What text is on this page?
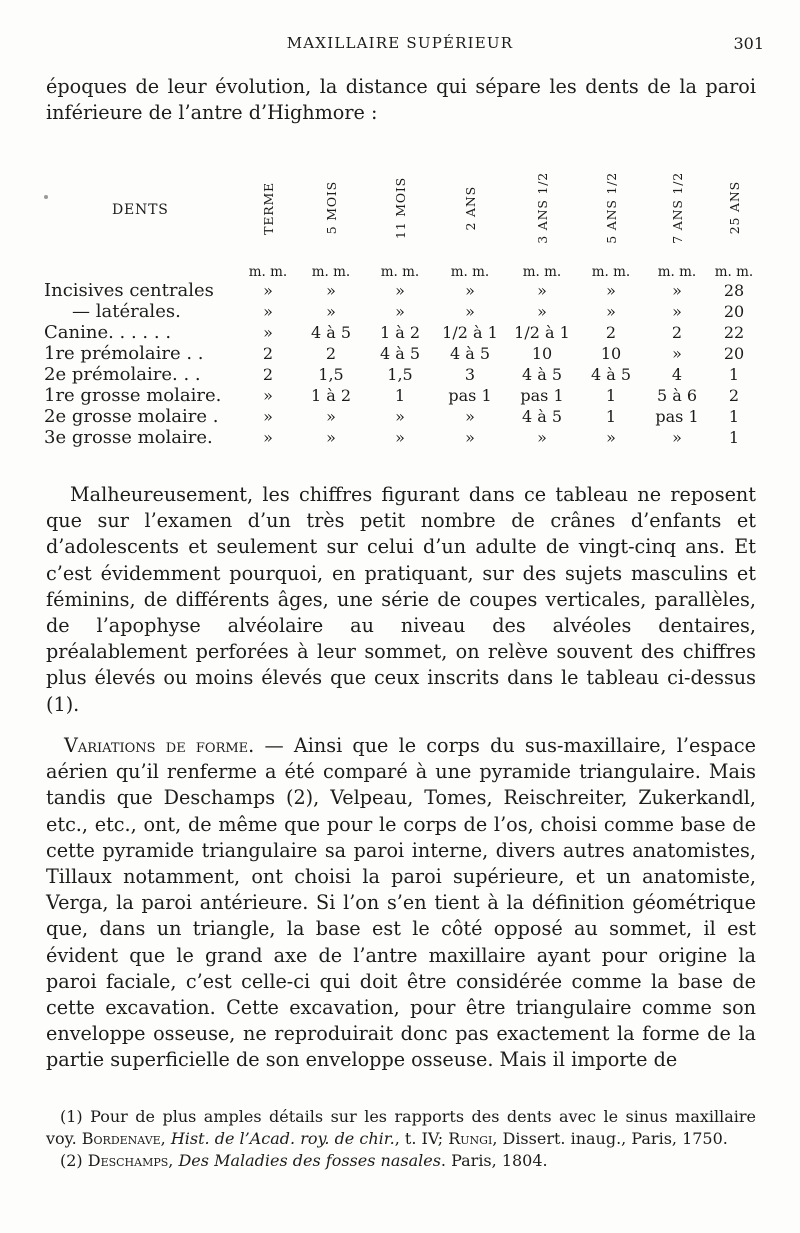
MAXILLAIRE SUPÉRIEUR	301

époques de leur évolution, la distance qui sépare les dents de la paroi inférieure de l’antre d’Highmore :

DENTS	TERME	5 MOIS	11 MOIS	2 ANS	3 ANS 1/2	5 ANS 1/2	7 ANS 1/2	25 ANS
	m. m.	m. m.	m. m.	m. m.	m. m.	m. m.	m. m.	m. m.
Incisives centrales	»	»	»	»	»	»	»	28
— latérales.	»	»	»	»	»	»	»	20
Canine. . . . . .	»	4 à 5	1 à 2	1/2 à 1	1/2 à 1	2	2	22
1re prémolaire . .	2	2	4 à 5	4 à 5	10	10	»	20
2e prémolaire. . .	2	1,5	1,5	3	4 à 5	4 à 5	4	1
1re grosse molaire.	»	1 à 2	1	pas 1	pas 1	1	5 à 6	2
2e grosse molaire .	»	»	»	»	4 à 5	1	pas 1	1
3e grosse molaire.	»	»	»	»	»	»	»	1

Malheureusement, les chiffres figurant dans ce tableau ne reposent que sur l’examen d’un très petit nombre de crânes d’enfants et d’adolescents et seulement sur celui d’un adulte de vingt-cinq ans. Et c’est évidemment pourquoi, en pratiquant, sur des sujets masculins et féminins, de différents âges, une série de coupes verticales, parallèles, de l’apophyse alvéolaire au niveau des alvéoles dentaires, préalablement perforées à leur sommet, on relève souvent des chiffres plus élevés ou moins élevés que ceux inscrits dans le tableau ci-dessus (1).

Variations de forme. — Ainsi que le corps du sus-maxillaire, l’espace aérien qu’il renferme a été comparé à une pyramide triangulaire. Mais tandis que Deschamps (2), Velpeau, Tomes, Reischreiter, Zukerkandl, etc., etc., ont, de même que pour le corps de l’os, choisi comme base de cette pyramide triangulaire sa paroi interne, divers autres anatomistes, Tillaux notamment, ont choisi la paroi supérieure, et un anatomiste, Verga, la paroi antérieure. Si l’on s’en tient à la définition géométrique que, dans un triangle, la base est le côté opposé au sommet, il est évident que le grand axe de l’antre maxillaire ayant pour origine la paroi faciale, c’est celle-ci qui doit être considérée comme la base de cette excavation. Cette excavation, pour être triangulaire comme son enveloppe osseuse, ne reproduirait donc pas exactement la forme de la partie superficielle de son enveloppe osseuse. Mais il importe de

(1) Pour de plus amples détails sur les rapports des dents avec le sinus maxillaire voy. Bordenave, Hist. de l’Acad. roy. de chir., t. IV; Rungi, Dissert. inaug., Paris, 1750.

(2) Deschamps, Des Maladies des fosses nasales. Paris, 1804.
